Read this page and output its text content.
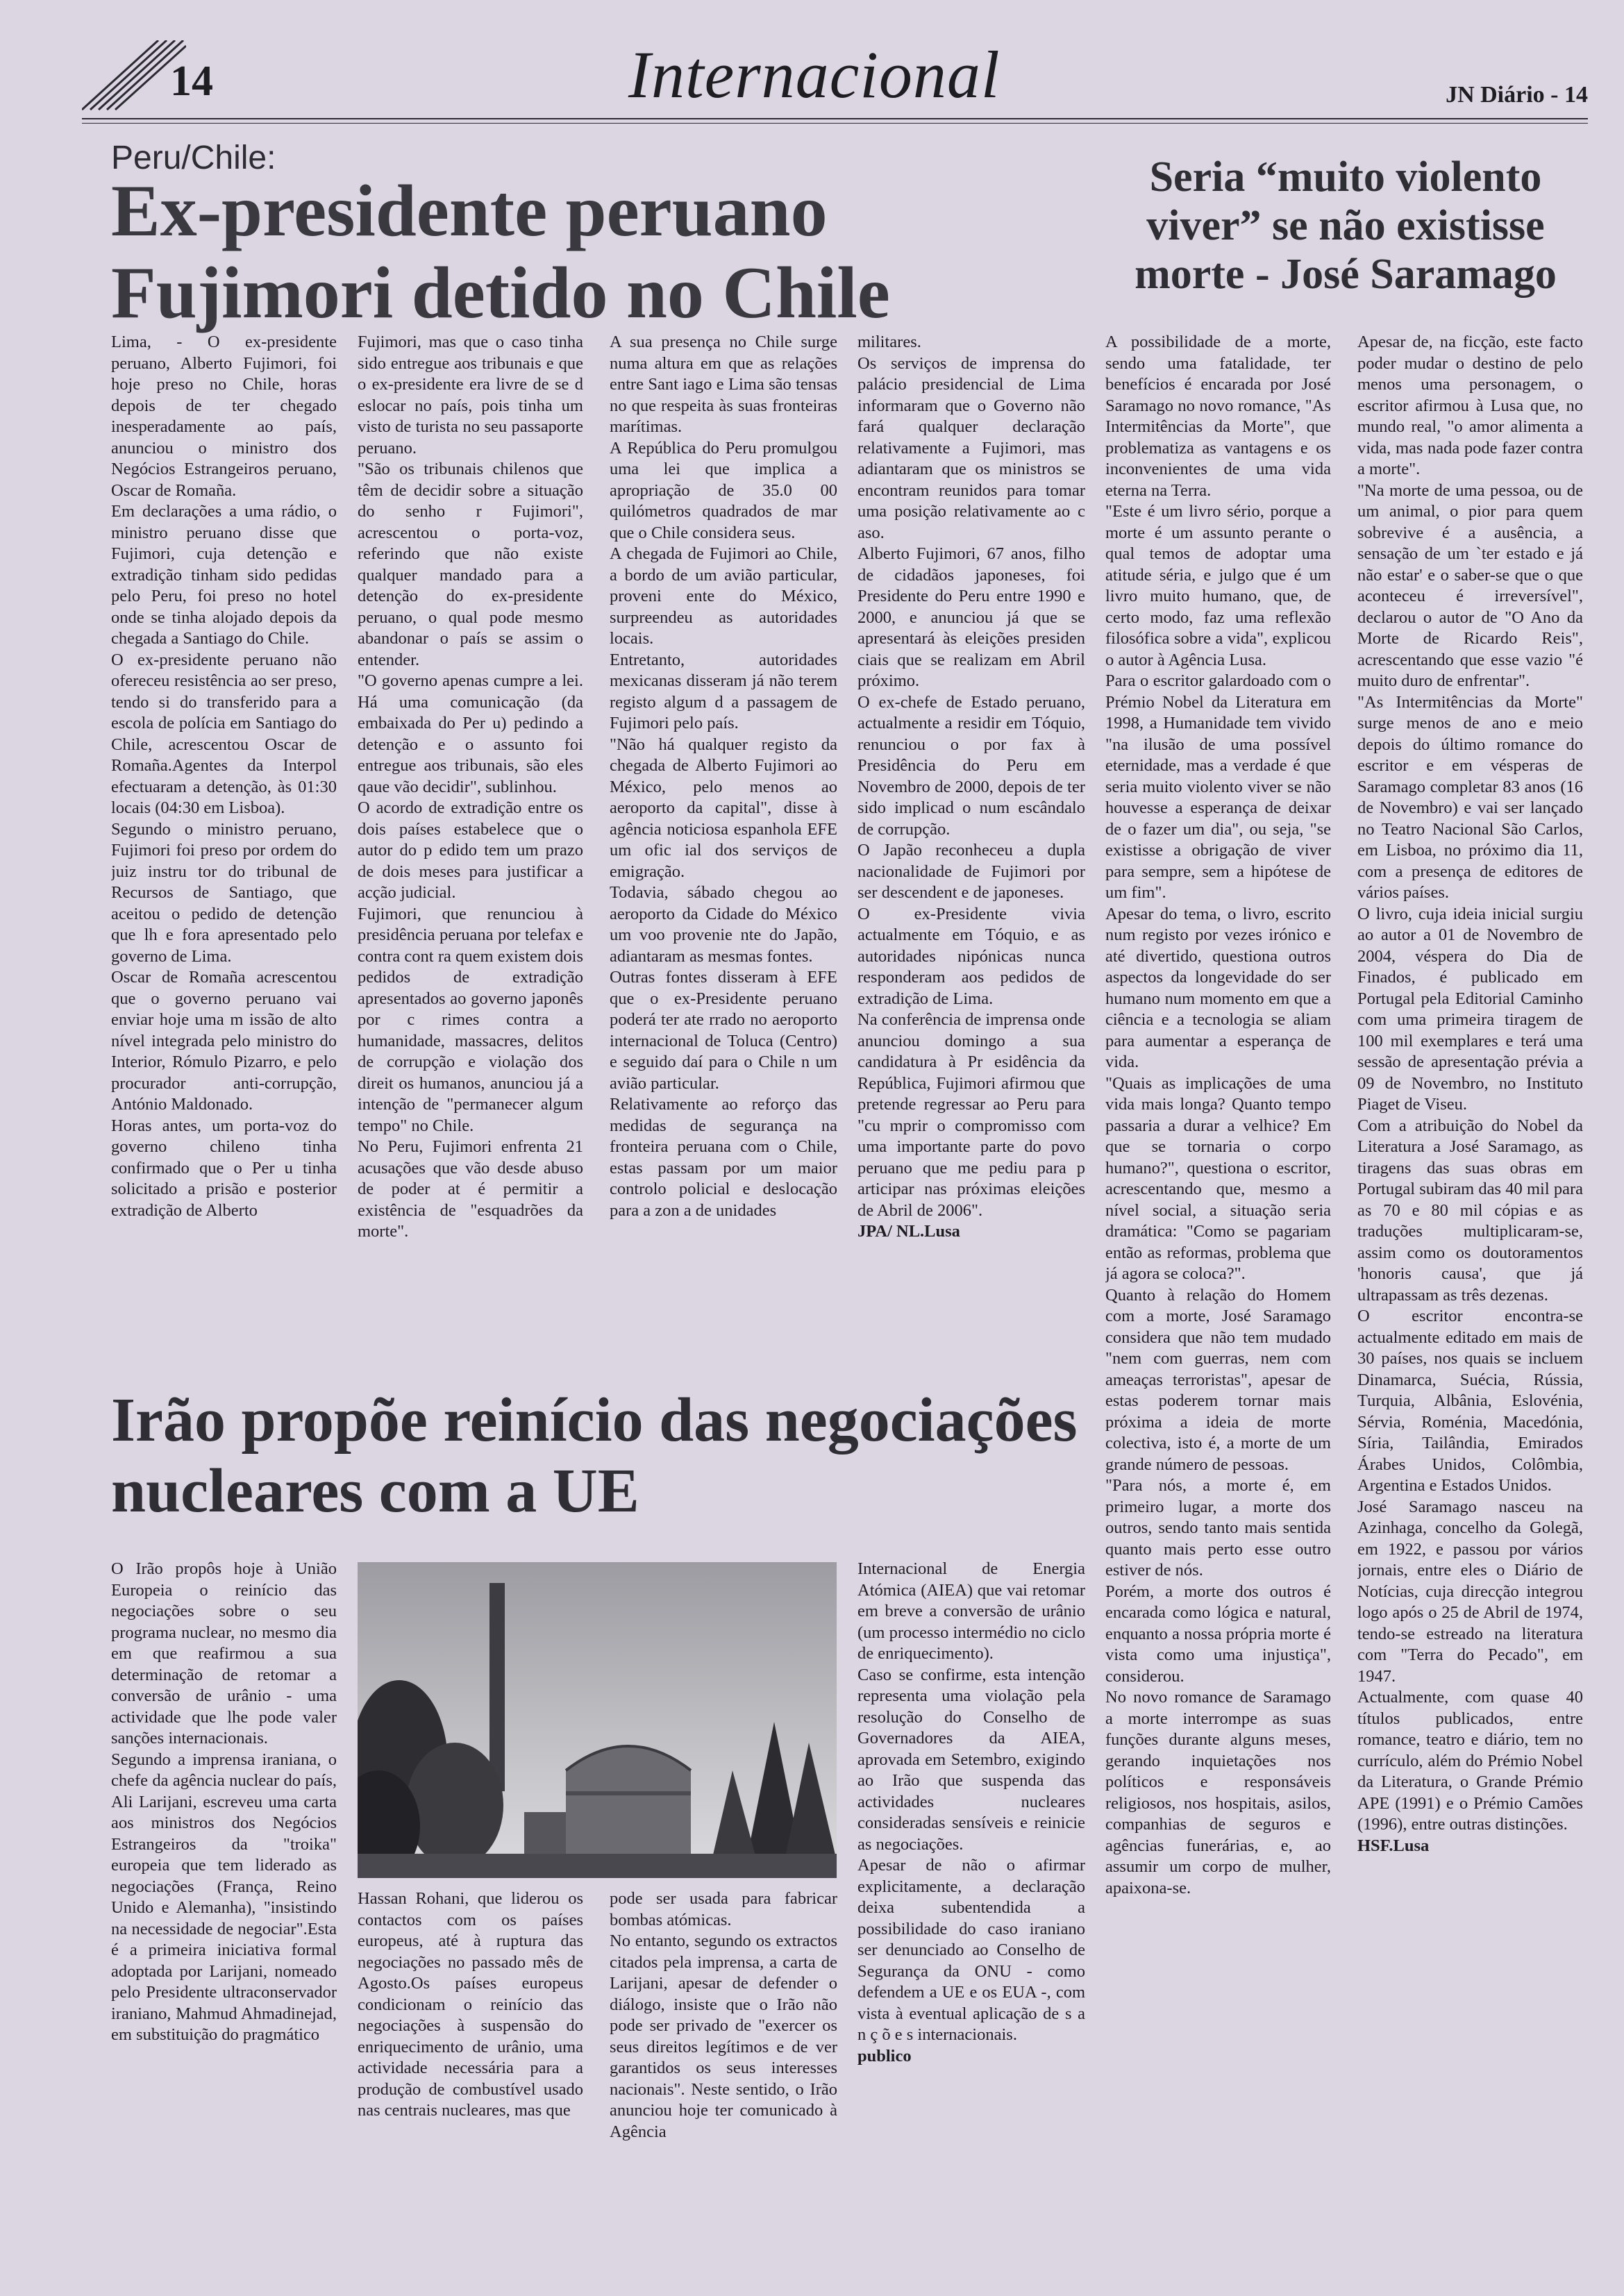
14	Internacional	JN Diário - 14
Peru/Chile:
Ex-presidente peruano Fujimori detido no Chile

Lima, - O ex-presidente peruano, Alberto Fujimori, foi hoje preso no Chile, horas depois de ter chegado inesperadamente ao país, anunciou o ministro dos Negócios Estrangeiros peruano, Oscar de Romaña.

Em declarações a uma rádio, o ministro peruano disse que Fujimori, cuja detenção e extradição tinham sido pedidas pelo Peru, foi preso no hotel onde se tinha alojado depois da chegada a Santiago do Chile.

O ex-presidente peruano não ofereceu resistência ao ser preso, tendo si do transferido para a escola de polícia em Santiago do Chile, acrescentou Oscar de Romaña.Agentes da Interpol efectuaram a detenção, às 01:30 locais (04:30 em Lisboa).

Segundo o ministro peruano, Fujimori foi preso por ordem do juiz instru tor do tribunal de Recursos de Santiago, que aceitou o pedido de detenção que lh e fora apresentado pelo governo de Lima.

Oscar de Romaña acrescentou que o governo peruano vai enviar hoje uma m issão de alto nível integrada pelo ministro do Interior, Rómulo Pizarro, e pelo procurador anti-corrupção, António Maldonado.

Horas antes, um porta-voz do governo chileno tinha confirmado que o Per u tinha solicitado a prisão e posterior extradição de Alberto

Fujimori, mas que o caso tinha sido entregue aos tribunais e que o ex-presidente era livre de se d eslocar no país, pois tinha um visto de turista no seu passaporte peruano.

"São os tribunais chilenos que têm de decidir sobre a situação do senho r Fujimori", acrescentou o porta-voz, referindo que não existe qualquer mandado para a detenção do ex-presidente peruano, o qual pode mesmo abandonar o país se assim o entender.

"O governo apenas cumpre a lei. Há uma comunicação (da embaixada do Per u) pedindo a detenção e o assunto foi entregue aos tribunais, são eles qaue vão decidir", sublinhou.

O acordo de extradição entre os dois países estabelece que o autor do p edido tem um prazo de dois meses para justificar a acção judicial.

Fujimori, que renunciou à presidência peruana por telefax e contra cont ra quem existem dois pedidos de extradição apresentados ao governo japonês por c rimes contra a humanidade, massacres, delitos de corrupção e violação dos direit os humanos, anunciou já a intenção de "permanecer algum tempo" no Chile.

No Peru, Fujimori enfrenta 21 acusações que vão desde abuso de poder at é permitir a existência de "esquadrões da morte".

A sua presença no Chile surge numa altura em que as relações entre Sant iago e Lima são tensas no que respeita às suas fronteiras marítimas.

A República do Peru promulgou uma lei que implica a apropriação de 35.0 00 quilómetros quadrados de mar que o Chile considera seus.

A chegada de Fujimori ao Chile, a bordo de um avião particular, proveni ente do México, surpreendeu as autoridades locais.

Entretanto, autoridades mexicanas disseram já não terem registo algum d a passagem de Fujimori pelo país.

"Não há qualquer registo da chegada de Alberto Fujimori ao México, pelo menos ao aeroporto da capital", disse à agência noticiosa espanhola EFE um ofic ial dos serviços de emigração.

Todavia, sábado chegou ao aeroporto da Cidade do México um voo provenie nte do Japão, adiantaram as mesmas fontes.

Outras fontes disseram à EFE que o ex-Presidente peruano poderá ter ate rrado no aeroporto internacional de Toluca (Centro) e seguido daí para o Chile n um avião particular.

Relativamente ao reforço das medidas de segurança na fronteira peruana com o Chile, estas passam por um maior controlo policial e deslocação para a zon a de unidades

militares.

Os serviços de imprensa do palácio presidencial de Lima informaram que o Governo não fará qualquer declaração relativamente a Fujimori, mas adiantaram que os ministros se encontram reunidos para tomar uma posição relativamente ao c aso.

Alberto Fujimori, 67 anos, filho de cidadãos japoneses, foi Presidente do Peru entre 1990 e 2000, e anunciou já que se apresentará às eleições presiden ciais que se realizam em Abril próximo.

O ex-chefe de Estado peruano, actualmente a residir em Tóquio, renunciou o por fax à Presidência do Peru em Novembro de 2000, depois de ter sido implicad o num escândalo de corrupção.

O Japão reconheceu a dupla nacionalidade de Fujimori por ser descendent e de japoneses.

O ex-Presidente vivia actualmente em Tóquio, e as autoridades nipónicas nunca responderam aos pedidos de extradição de Lima.

Na conferência de imprensa onde anunciou domingo a sua candidatura à Pr esidência da República, Fujimori afirmou que pretende regressar ao Peru para "cu mprir o compromisso com uma importante parte do povo peruano que me pediu para p articipar nas próximas eleições de Abril de 2006".

JPA/ NL.Lusa

Seria “muito violento viver” se não existisse morte - José Saramago

A possibilidade de a morte, sendo uma fatalidade, ter benefícios é encarada por José Saramago no novo romance, "As Intermitências da Morte", que problematiza as vantagens e os inconvenientes de uma vida eterna na Terra.

"Este é um livro sério, porque a morte é um assunto perante o qual temos de adoptar uma atitude séria, e julgo que é um livro muito humano, que, de certo modo, faz uma reflexão filosófica sobre a vida", explicou o autor à Agência Lusa.

Para o escritor galardoado com o Prémio Nobel da Literatura em 1998, a Humanidade tem vivido "na ilusão de uma possível eternidade, mas a verdade é que seria muito violento viver se não houvesse a esperança de deixar de o fazer um dia", ou seja, "se existisse a obrigação de viver para sempre, sem a hipótese de um fim".

Apesar do tema, o livro, escrito num registo por vezes irónico e até divertido, questiona outros aspectos da longevidade do ser humano num momento em que a ciência e a tecnologia se aliam para aumentar a esperança de vida.

"Quais as implicações de uma vida mais longa? Quanto tempo passaria a durar a velhice? Em que se tornaria o corpo humano?", questiona o escritor, acrescentando que, mesmo a nível social, a situação seria dramática: "Como se pagariam então as reformas, problema que já agora se coloca?".

Quanto à relação do Homem com a morte, José Saramago considera que não tem mudado "nem com guerras, nem com ameaças terroristas", apesar de estas poderem tornar mais próxima a ideia de morte colectiva, isto é, a morte de um grande número de pessoas.

"Para nós, a morte é, em primeiro lugar, a morte dos outros, sendo tanto mais sentida quanto mais perto esse outro estiver de nós.

Porém, a morte dos outros é encarada como lógica e natural, enquanto a nossa própria morte é vista como uma injustiça", considerou.

No novo romance de Saramago a morte interrompe as suas funções durante alguns meses, gerando inquietações nos políticos e responsáveis religiosos, nos hospitais, asilos, companhias de seguros e agências funerárias, e, ao assumir um corpo de mulher, apaixona-se.

Apesar de, na ficção, este facto poder mudar o destino de pelo menos uma personagem, o escritor afirmou à Lusa que, no mundo real, "o amor alimenta a vida, mas nada pode fazer contra a morte".

"Na morte de uma pessoa, ou de um animal, o pior para quem sobrevive é a ausência, a sensação de um `ter estado e já não estar' e o saber-se que o que aconteceu é irreversível", declarou o autor de "O Ano da Morte de Ricardo Reis", acrescentando que esse vazio "é muito duro de enfrentar".

"As Intermitências da Morte" surge menos de ano e meio depois do último romance do escritor e em vésperas de Saramago completar 83 anos (16 de Novembro) e vai ser lançado no Teatro Nacional São Carlos, em Lisboa, no próximo dia 11, com a presença de editores de vários países.

O livro, cuja ideia inicial surgiu ao autor a 01 de Novembro de 2004, véspera do Dia de Finados, é publicado em Portugal pela Editorial Caminho com uma primeira tiragem de 100 mil exemplares e terá uma sessão de apresentação prévia a 09 de Novembro, no Instituto Piaget de Viseu.

Com a atribuição do Nobel da Literatura a José Saramago, as tiragens das suas obras em Portugal subiram das 40 mil para as 70 e 80 mil cópias e as traduções multiplicaram-se, assim como os doutoramentos 'honoris causa', que já ultrapassam as três dezenas.

O escritor encontra-se actualmente editado em mais de 30 países, nos quais se incluem Dinamarca, Suécia, Rússia, Turquia, Albânia, Eslovénia, Sérvia, Roménia, Macedónia, Síria, Tailândia, Emirados Árabes Unidos, Colômbia, Argentina e Estados Unidos.

José Saramago nasceu na Azinhaga, concelho da Golegã, em 1922, e passou por vários jornais, entre eles o Diário de Notícias, cuja direcção integrou logo após o 25 de Abril de 1974, tendo-se estreado na literatura com "Terra do Pecado", em 1947.

Actualmente, com quase 40 títulos publicados, entre romance, teatro e diário, tem no currículo, além do Prémio Nobel da Literatura, o Grande Prémio APE (1991) e o Prémio Camões (1996), entre outras distinções.

HSF.Lusa

Irão propõe reinício das negociações nucleares com a UE

O Irão propôs hoje à União Europeia o reinício das negociações sobre o seu programa nuclear, no mesmo dia em que reafirmou a sua determinação de retomar a conversão de urânio - uma actividade que lhe pode valer sanções internacionais.

Segundo a imprensa iraniana, o chefe da agência nuclear do país, Ali Larijani, escreveu uma carta aos ministros dos Negócios Estrangeiros da "troika" europeia que tem liderado as negociações (França, Reino Unido e Alemanha), "insistindo na necessidade de negociar".Esta é a primeira iniciativa formal adoptada por Larijani, nomeado pelo Presidente ultraconservador iraniano, Mahmud Ahmadinejad, em substituição do pragmático

Hassan Rohani, que liderou os contactos com os países europeus, até à ruptura das negociações no passado mês de Agosto.Os países europeus condicionam o reinício das negociações à suspensão do enriquecimento de urânio, uma actividade necessária para a produção de combustível usado nas centrais nucleares, mas que

pode ser usada para fabricar bombas atómicas.

No entanto, segundo os extractos citados pela imprensa, a carta de Larijani, apesar de defender o diálogo, insiste que o Irão não pode ser privado de "exercer os seus direitos legítimos e de ver garantidos os seus interesses nacionais". Neste sentido, o Irão anunciou hoje ter comunicado à Agência

Internacional de Energia Atómica (AIEA) que vai retomar em breve a conversão de urânio (um processo intermédio no ciclo de enriquecimento).

Caso se confirme, esta intenção representa uma violação pela resolução do Conselho de Governadores da AIEA, aprovada em Setembro, exigindo ao Irão que suspenda das actividades nucleares consideradas sensíveis e reinicie as negociações.

Apesar de não o afirmar explicitamente, a declaração deixa subentendida a possibilidade do caso iraniano ser denunciado ao Conselho de Segurança da ONU - como defendem a UE e os EUA -, com vista à eventual aplicação de s a n ç õ e s internacionais.

publico
